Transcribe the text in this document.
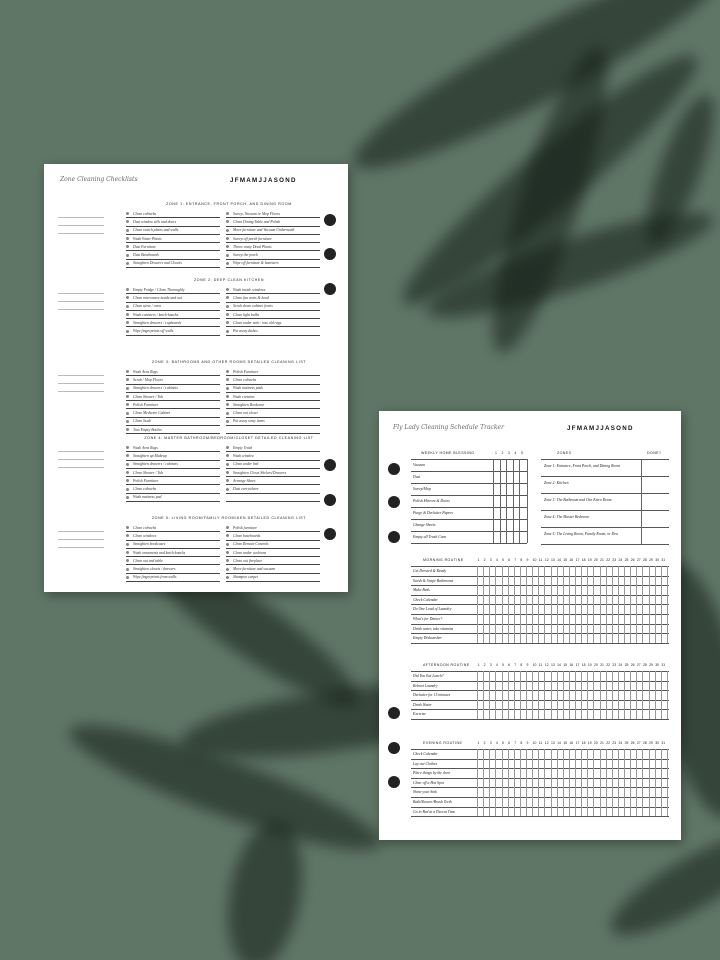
Zone Cleaning Checklists	JFMAMJJASOND
ZONE 1: ENTRANCE, FRONT PORCH, AND DINING ROOM
Clean cobwebs	Sweep, Vacuum or Mop Floors
Dust window sills and doors	Clean Dining Table and Polish
Clean switch plates and walls	Move furniture and Vacuum Underneath
Wash Water Plants	Sweep off porch furniture
Dust Furniture	Throw away Dead Plants
Dust Baseboards	Sweep the porch
Straighten Drawers and Closets	Wipe off furniture & banisters
ZONE 2: DEEP CLEAN KITCHEN
Empty Fridge / Clean Thoroughly	Wash inside windows
Clean microwave inside and out	Clean fan vents & hood
Clean stove / oven	Scrub down cabinet fronts
Wash canisters / knick-knacks	Clean light bulbs
Straighten drawers / cupboards	Clean under sink / toss old rags
Wipe fingerprints off walls	Put away dishes
ZONE 3: BATHROOMS AND OTHER ROOMS DETAILED CLEANING LIST
Wash Area Rugs	Polish Furniture
Scrub / Mop Floors	Clean cobwebs
Straighten drawers / cabinets	Wash mattress pads
Clean Shower / Tub	Wash curtains
Polish Furniture	Straighten Bookcase
Clean Medicine Cabinet	Clean out closet
Clean Scale	Put away stray items
Toss Empty Bottles
ZONE 4: MASTER BATHROOM/BEDROOM/CLOSET DETAILED CLEANING LIST
Wash Area Rugs	Empty Trash
Straighten up Makeup	Wash window
Straighten drawers / cabinets	Clean under bed
Clean Shower / Tub	Straighten Closet Shelves/Drawers
Polish Furniture	Arrange Shoes
Clean cobwebs	Dust everywhere
Wash mattress pad
ZONE 5: LIVING ROOM/FAMILY ROOM/DEN DETAILED CLEANING LIST
Clean cobwebs	Polish furniture
Clean windows	Clean baseboards
Straighten bookcases	Clean Remote Controls
Wash ornaments and knick-knacks	Clean under cushions
Clean out end table	Clean out fireplace
Straighten closets / drawers	Move furniture and vacuum
Wipe fingerprints from walls	Shampoo carpet
Fly Lady Cleaning Schedule Tracker	JFMAMJJASOND
WEEKLY HOME BLESSING	1 2 3 4 5	ZONES	DONE?
Vacuum
Dust
Sweep/Mop
Polish Mirrors & Doors
Purge & Declutter Papers
Change Sheets
Empty all Trash Cans
Zone 1: Entrance, Front Porch, and Dining Room
Zone 2: Kitchen
Zone 3: The Bathroom and One Extra Room
Zone 4: The Master Bedroom
Zone 5: The Living Room, Family Room, or Den
MORNING ROUTINE	1 2 3 4 5 6 7 8 9 10 11 12 13 14 15 16 17 18 19 20 21 22 23 24 25 26 27 28 29 30 31
Get Dressed & Ready
Swish & Swipe Bathrooms
Make Beds
Check Calendar
Do One Load of Laundry
What's for Dinner?
Drink water, take vitamins
Empty Dishwasher
AFTERNOON ROUTINE 1 2 3 4 5 6 7 8 9 10 11 12 13 14 15 16 17 18 19 20 21 22 23 24 25 26 27 28 29 30 31
Did You Eat Lunch?
Reboot Laundry
Declutter for 15 minutes
Drink Water
Exercise
EVENING ROUTINE	1 2 3 4 5 6 7 8 9 10 11 12 13 14 15 16 17 18 19 20 21 22 23 24 25 26 27 28 29 30 31
Check Calendar
Lay out Clothes
Place things by the door
Clear off a Hot Spot
Shine your Sink
Bath/Shower/Brush Teeth
Go to Bed at a Decent Time
